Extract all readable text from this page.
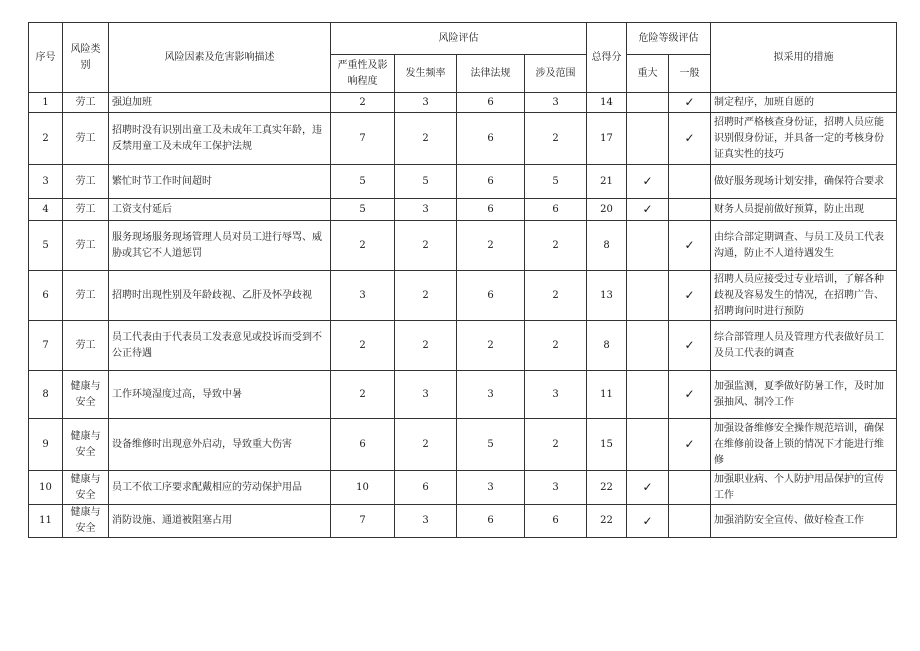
序号	风险类别	风险因素及危害影响描述	风险评估				总得分	危险等级评估		拟采用的措施
			严重性及影响程度	发生频率	法律法规	涉及范围		重大	一般	
1	劳工	强迫加班	2	3	6	3	14		✓	制定程序，加班自愿的
2	劳工	招聘时没有识别出童工及未成年工真实年龄，违反禁用童工及未成年工保护法规	7	2	6	2	17		✓	招聘时严格核查身份证，招聘人员应能识别假身份证，并具备一定的考核身份证真实性的技巧
3	劳工	繁忙时节工作时间超时	5	5	6	5	21	✓		做好服务现场计划安排，确保符合要求
4	劳工	工资支付延后	5	3	6	6	20	✓		财务人员提前做好预算，防止出现
5	劳工	服务现场服务现场管理人员对员工进行辱骂、威胁或其它不人道惩罚	2	2	2	2	8		✓	由综合部定期调查、与员工及员工代表沟通，防止不人道待遇发生
6	劳工	招聘时出现性别及年龄歧视、乙肝及怀孕歧视	3	2	6	2	13		✓	招聘人员应接受过专业培训，了解各种歧视及容易发生的情况，在招聘广告、招聘询问时进行预防
7	劳工	员工代表由于代表员工发表意见或投诉而受到不公正待遇	2	2	2	2	8		✓	综合部管理人员及管理方代表做好员工及员工代表的调查
8	健康与安全	工作环境湿度过高，导致中暑	2	3	3	3	11		✓	加强监测，夏季做好防暑工作，及时加强抽风、制冷工作
9	健康与安全	设备维修时出现意外启动，导致重大伤害	6	2	5	2	15		✓	加强设备维修安全操作规范培训，确保在维修前设备上锁的情况下才能进行维修
10	健康与安全	员工不依工序要求配戴相应的劳动保护用品	10	6	3	3	22	✓		加强职业病、个人防护用品保护的宣传工作
11	健康与安全	消防设施、通道被阻塞占用	7	3	6	6	22	✓		加强消防安全宣传、做好检查工作
